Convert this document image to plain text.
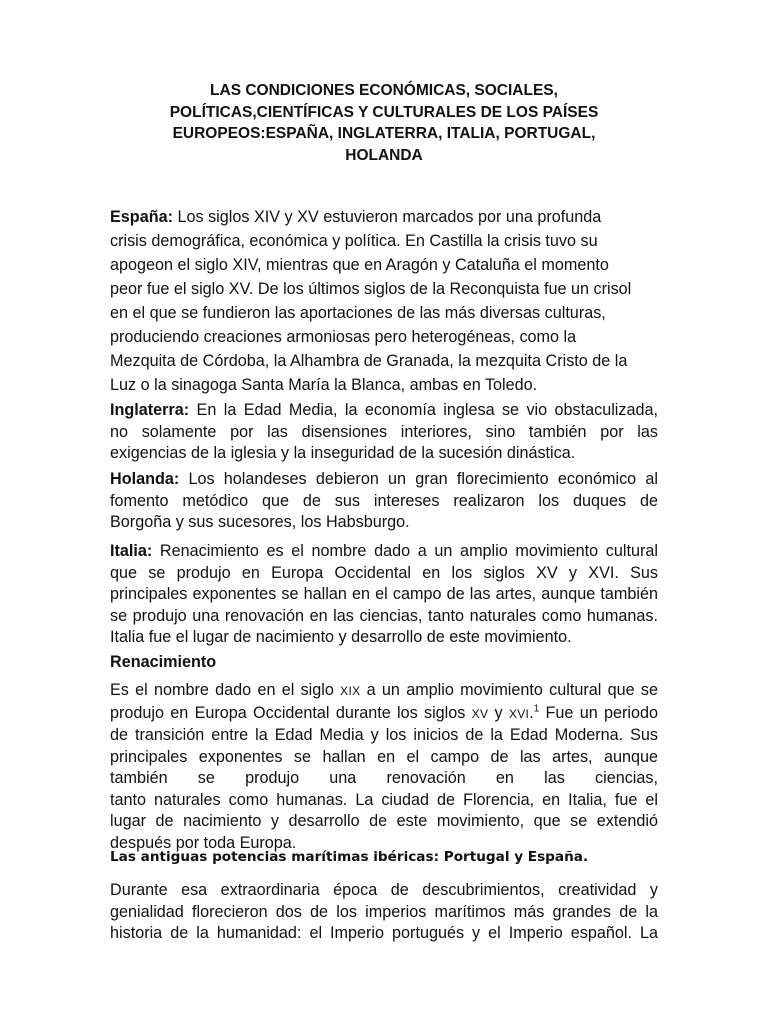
LAS CONDICIONES ECONÓMICAS, SOCIALES,
POLÍTICAS,CIENTÍFICAS Y CULTURALES DE LOS PAÍSES
EUROPEOS:ESPAÑA, INGLATERRA, ITALIA, PORTUGAL,
HOLANDA

España: Los siglos XIV y XV estuvieron marcados por una profunda
crisis demográfica, económica y política. En Castilla la crisis tuvo su
apogeon el siglo XIV, mientras que en Aragón y Cataluña el momento
peor fue el siglo XV. De los últimos siglos de la Reconquista fue un crisol
en el que se fundieron las aportaciones de las más diversas culturas,
produciendo creaciones armoniosas pero heterogéneas, como la
Mezquita de Córdoba, la Alhambra de Granada, la mezquita Cristo de la
Luz o la sinagoga Santa María la Blanca, ambas en Toledo.

Inglaterra: En la Edad Media, la economía inglesa se vio obstaculizada,
no solamente por las disensiones interiores, sino también por las
exigencias de la iglesia y la inseguridad de la sucesión dinástica.

Holanda: Los holandeses debieron un gran florecimiento económico al
fomento metódico que de sus intereses realizaron los duques de
Borgoña y sus sucesores, los Habsburgo.

Italia: Renacimiento es el nombre dado a un amplio movimiento cultural
que se produjo en Europa Occidental en los siglos XV y XVI. Sus
principales exponentes se hallan en el campo de las artes, aunque también
se produjo una renovación en las ciencias, tanto naturales como humanas.
Italia fue el lugar de nacimiento y desarrollo de este movimiento.

Renacimiento

Es el nombre dado en el siglo XIX a un amplio movimiento cultural que se
produjo en Europa Occidental durante los siglos XV y XVI.$^1$ Fue un periodo
de transición entre la Edad Media y los inicios de la Edad Moderna. Sus
principales exponentes se hallan en el campo de las artes, aunque
también se produjo una renovación en las ciencias,
tanto naturales como humanas. La ciudad de Florencia, en Italia, fue el
lugar de nacimiento y desarrollo de este movimiento, que se extendió
después por toda Europa.

Las antiguas potencias marítimas ibéricas: Portugal y España.

Durante esa extraordinaria época de descubrimientos, creatividad y
genialidad florecieron dos de los imperios marítimos más grandes de la
historia de la humanidad: el Imperio portugués y el Imperio español. La
